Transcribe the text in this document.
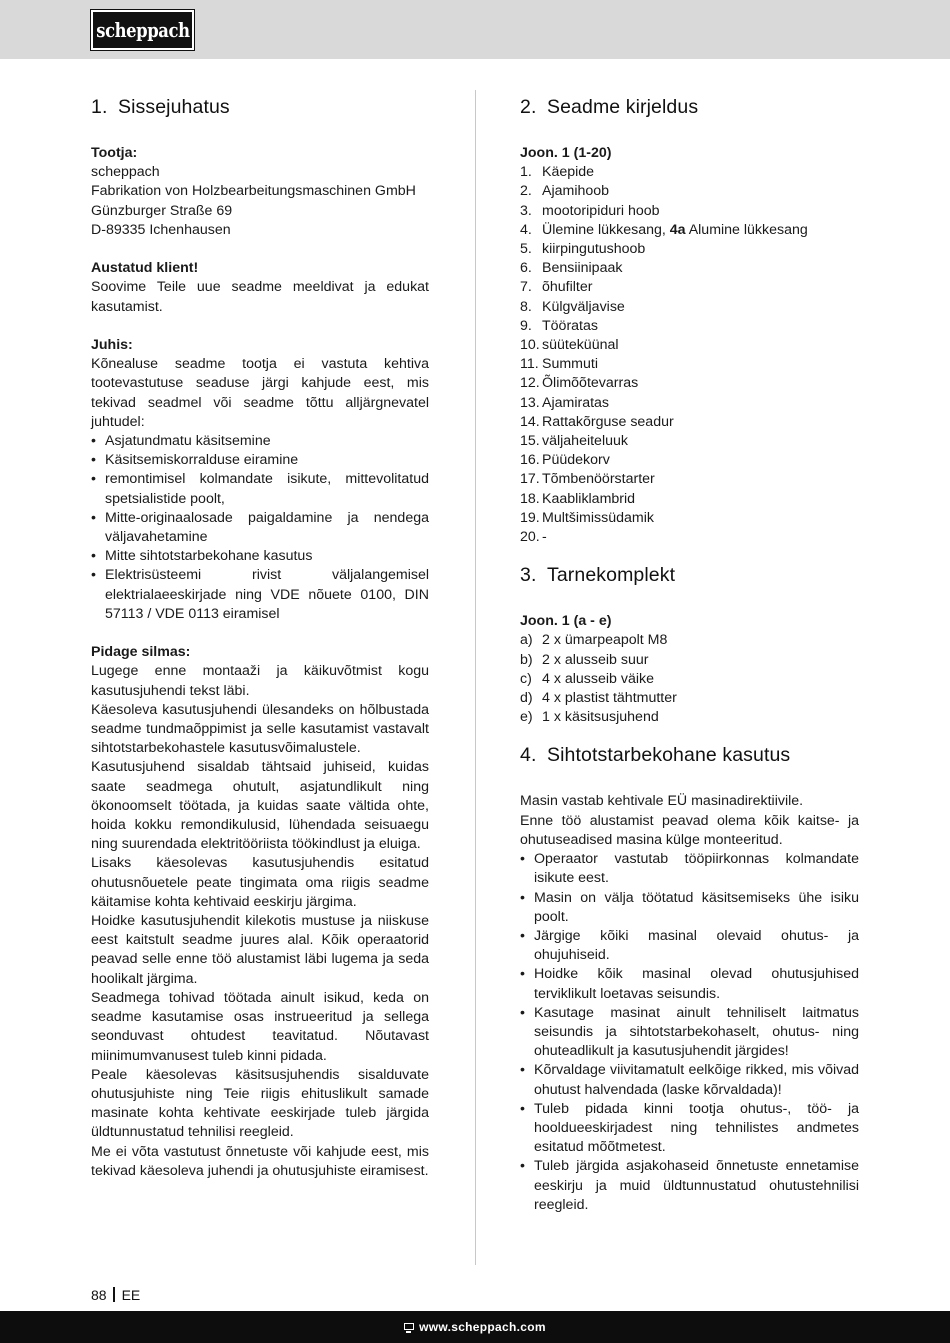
scheppach
1. Sissejuhatus
Tootja:
scheppach
Fabrikation von Holzbearbeitungsmaschinen GmbH
Günzburger Straße 69
D-89335 Ichenhausen
Austatud klient!

Soovime Teile uue seadme meeldivat ja edukat kasutamist.

Juhis:

Kõnealuse seadme tootja ei vastuta kehtiva tootevastutuse seaduse järgi kahjude eest, mis tekivad seadmel või seadme tõttu alljärgnevatel juhtudel:

• Asjatundmatu käsitsemine
• Käsitsemiskorralduse eiramine
• remontimisel kolmandate isikute, mittevolitatud spetsialistide poolt,
• Mitte-originaalosade paigaldamine ja nendega väljavahetamine
• Mitte sihtotstarbekohane kasutus
• Elektrisüsteemi rivist väljalangemisel elektrialaeeskirjade ning VDE nõuete 0100, DIN 57113 / VDE 0113 eiramisel
Pidage silmas:

Lugege enne montaaži ja käikuvõtmist kogu kasutusjuhendi tekst läbi.

Käesoleva kasutusjuhendi ülesandeks on hõlbustada seadme tundmaõppimist ja selle kasutamist vastavalt sihtotstarbekohastele kasutusvõimalustele.

Kasutusjuhend sisaldab tähtsaid juhiseid, kuidas saate seadmega ohutult, asjatundlikult ning ökonoomselt töötada, ja kuidas saate vältida ohte, hoida kokku remondikulusid, lühendada seisuaegu ning suurendada elektritööriista töökindlust ja eluiga.

Lisaks käesolevas kasutusjuhendis esitatud ohutusnõuetele peate tingimata oma riigis seadme käitamise kohta kehtivaid eeskirju järgima.

Hoidke kasutusjuhendit kilekotis mustuse ja niiskuse eest kaitstult seadme juures alal. Kõik operaatorid peavad selle enne töö alustamist läbi lugema ja seda hoolikalt järgima.

Seadmega tohivad töötada ainult isikud, keda on seadme kasutamise osas instrueeritud ja sellega seonduvast ohtudest teavitatud. Nõutavast miinimumvanusest tuleb kinni pidada.

Peale käesolevas käsitsusjuhendis sisalduvate ohutusjuhiste ning Teie riigis ehituslikult samade masinate kohta kehtivate eeskirjade tuleb järgida üldtunnustatud tehnilisi reegleid.

Me ei võta vastutust õnnetuste või kahjude eest, mis tekivad käesoleva juhendi ja ohutusjuhiste eiramisest.

2. Seadme kirjeldus
Joon. 1 (1-20)
1. Käepide
2. Ajamihoob
3. mootoripiduri hoob
4. Ülemine lükkesang, 4a Alumine lükkesang
5. kiirpingutushoob
6. Bensiinipaak
7. õhufilter
8. Külgväljavise
9. Tööratas
10. süüteküünal
11. Summuti
12. Õlimõõtevarras
13. Ajamiratas
14. Rattakõrguse seadur
15. väljaheiteluuk
16. Püüdekorv
17. Tõmbenöörstarter
18. Kaabliklambrid
19. Multšimissüdamik
20. -
3. Tarnekomplekt
Joon. 1 (a - e)
a) 2 x ümarpeapolt M8
b) 2 x alusseib suur
c) 4 x alusseib väike
d) 4 x plastist tähtmutter
e) 1 x käsitsusjuhend
4. Sihtotstarbekohane kasutus

Masin vastab kehtivale EÜ masinadirektiivile.

Enne töö alustamist peavad olema kõik kaitse- ja ohutuseadised masina külge monteeritud.

• Operaator vastutab tööpiirkonnas kolmandate isikute eest.
• Masin on välja töötatud käsitsemiseks ühe isiku poolt.
• Järgige kõiki masinal olevaid ohutus- ja ohujuhiseid.
• Hoidke kõik masinal olevad ohutusjuhised terviklikult loetavas seisundis.
• Kasutage masinat ainult tehniliselt laitmatus seisundis ja sihtotstarbekohaselt, ohutus- ning ohuteadlikult ja kasutusjuhendit järgides!
• Kõrvaldage viivitamatult eelkõige rikked, mis võivad ohutust halvendada (laske kõrvaldada)!
• Tuleb pidada kinni tootja ohutus-, töö- ja hooldueeskirjadest ning tehnilistes andmetes esitatud mõõtmetest.
• Tuleb järgida asjakohaseid õnnetuste ennetamise eeskirju ja muid üldtunnustatud ohutustehnilisi reegleid.
88 EE
www.scheppach.com
